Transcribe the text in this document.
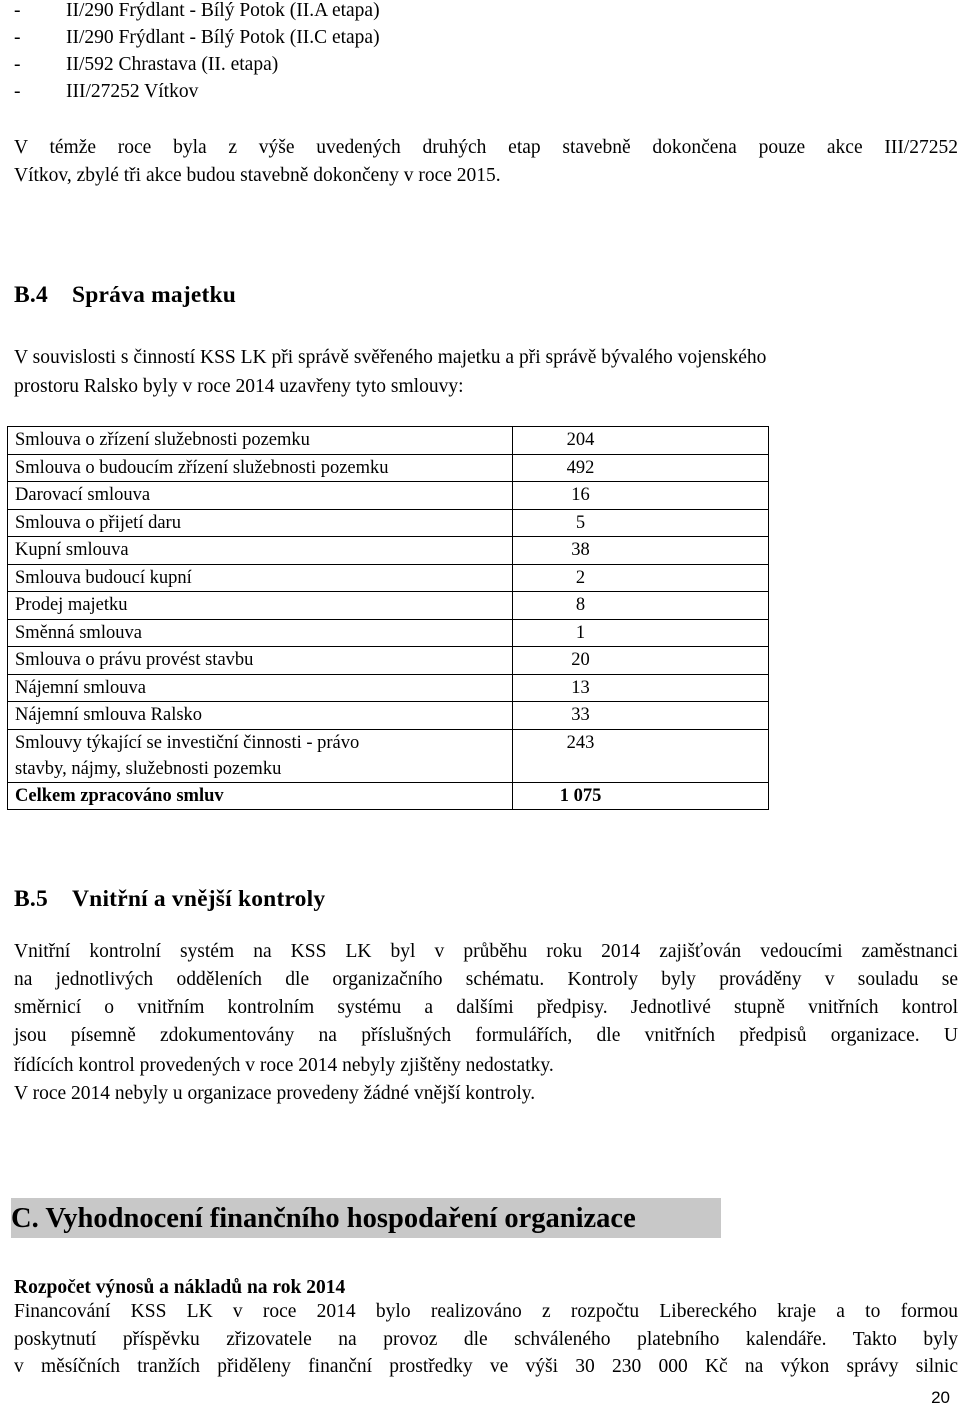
- II/290 Frýdlant - Bílý Potok (II.A etapa)
- II/290 Frýdlant - Bílý Potok (II.C etapa)
- II/592 Chrastava (II. etapa)
- III/27252 Vítkov
V témže roce byla z výše uvedených druhých etap stavebně dokončena pouze akce III/27252
Vítkov, zbylé tři akce budou stavebně dokončeny v roce 2015.
B.4 Správa majetku
V souvislosti s činností KSS LK při správě svěřeného majetku a při správě bývalého vojenského
prostoru Ralsko byly v roce 2014 uzavřeny tyto smlouvy:
Smlouva o zřízení služebnosti pozemku	204
Smlouva o budoucím zřízení služebnosti pozemku	492
Darovací smlouva	16
Smlouva o přijetí daru	5
Kupní smlouva	38
Smlouva budoucí kupní	2
Prodej majetku	8
Směnná smlouva	1
Smlouva o právu provést stavbu	20
Nájemní smlouva	13
Nájemní smlouva Ralsko	33
Smlouvy týkající se investiční činnosti - právo
stavby, nájmy, služebnosti pozemku	243
Celkem zpracováno smluv	1 075
B.5 Vnitřní a vnější kontroly
Vnitřní kontrolní systém na KSS LK byl v průběhu roku 2014 zajišťován vedoucími zaměstnanci
na jednotlivých odděleních dle organizačního schématu. Kontroly byly prováděny v souladu se
směrnicí o vnitřním kontrolním systému a dalšími předpisy. Jednotlivé stupně vnitřních kontrol
jsou písemně zdokumentovány na příslušných formulářích, dle vnitřních předpisů organizace. U
řídících kontrol provedených v roce 2014 nebyly zjištěny nedostatky.
V roce 2014 nebyly u organizace provedeny žádné vnější kontroly.
C. Vyhodnocení finančního hospodaření organizace
Rozpočet výnosů a nákladů na rok 2014
Financování KSS LK v roce 2014 bylo realizováno z rozpočtu Libereckého kraje a to formou
poskytnutí příspěvku zřizovatele na provoz dle schváleného platebního kalendáře. Takto byly
v měsíčních tranžích přiděleny finanční prostředky ve výši 30 230 000 Kč na výkon správy silnic
20
